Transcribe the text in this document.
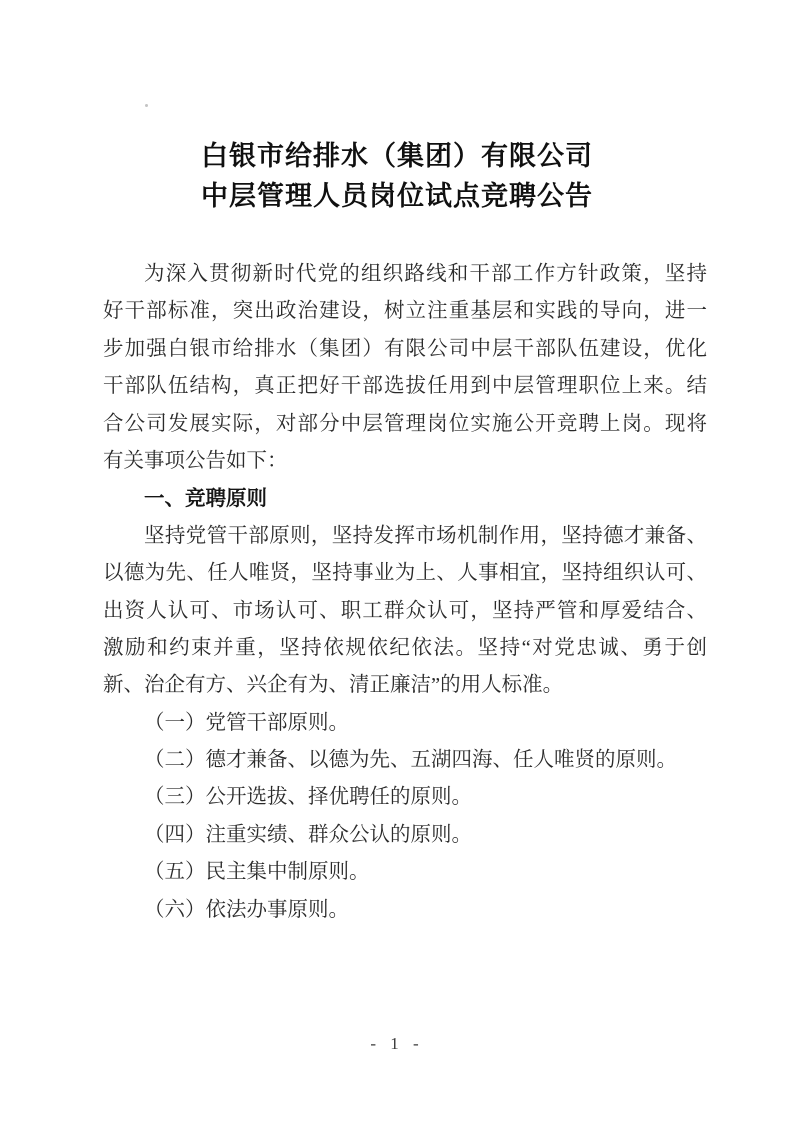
白银市给排水（集团）有限公司
中层管理人员岗位试点竞聘公告
为深入贯彻新时代党的组织路线和干部工作方针政策，坚持
好干部标准，突出政治建设，树立注重基层和实践的导向，进一
步加强白银市给排水（集团）有限公司中层干部队伍建设，优化
干部队伍结构，真正把好干部选拔任用到中层管理职位上来。结
合公司发展实际，对部分中层管理岗位实施公开竞聘上岗。现将
有关事项公告如下：
一、竞聘原则
坚持党管干部原则，坚持发挥市场机制作用，坚持德才兼备、
以德为先、任人唯贤，坚持事业为上、人事相宜，坚持组织认可、
出资人认可、市场认可、职工群众认可，坚持严管和厚爱结合、
激励和约束并重，坚持依规依纪依法。坚持“对党忠诚、勇于创
新、治企有方、兴企有为、清正廉洁”的用人标准。
（一）党管干部原则。
（二）德才兼备、以德为先、五湖四海、任人唯贤的原则。
（三）公开选拔、择优聘任的原则。
（四）注重实绩、群众公认的原则。
（五）民主集中制原则。
（六）依法办事原则。
- 1 -
